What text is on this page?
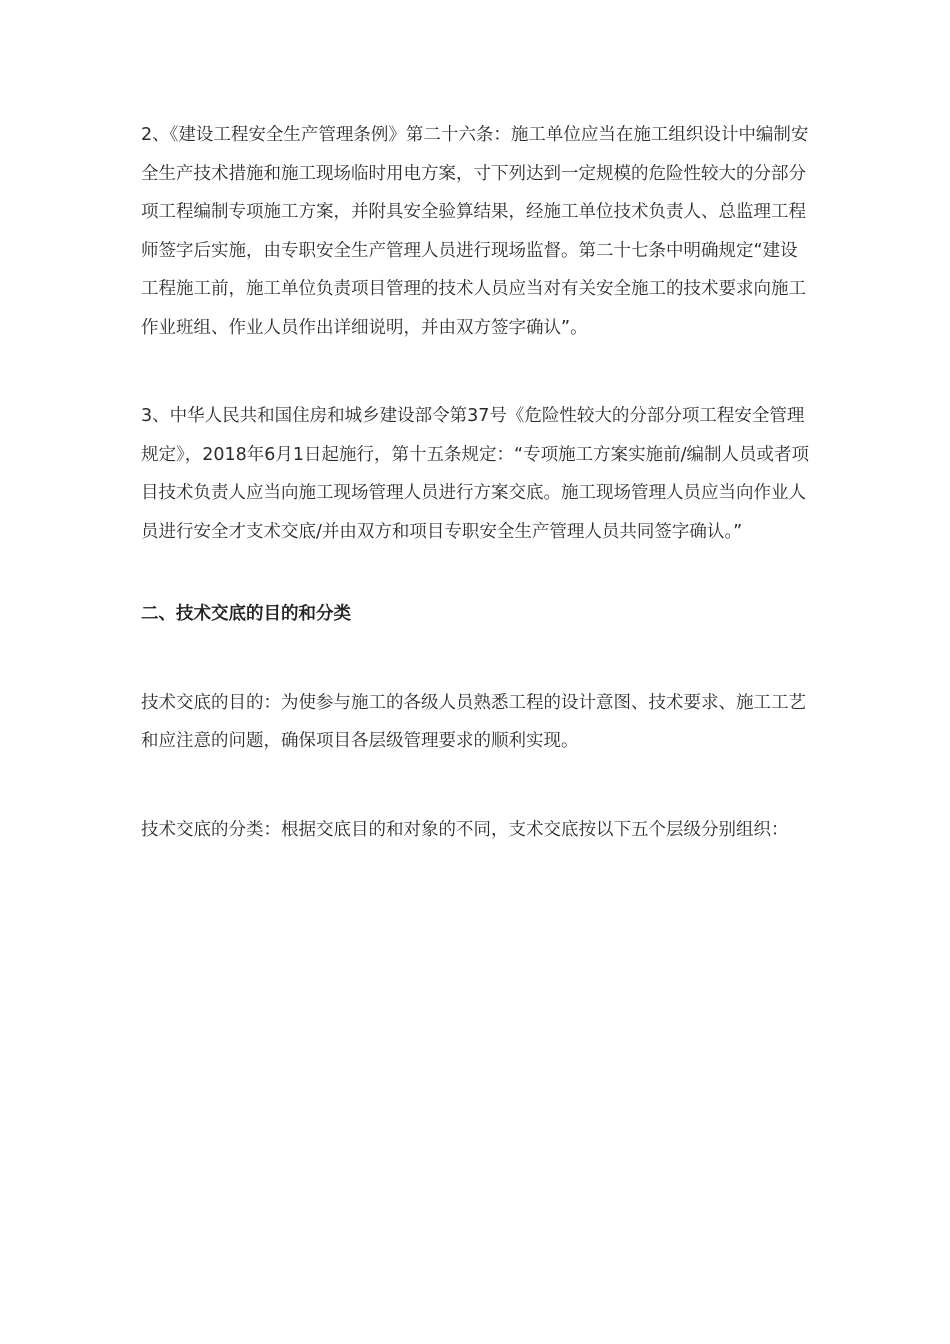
2、《建设工程安全生产管理条例》第二十六条：施工单位应当在施工组织设计中编制安全生产技术措施和施工现场临时用电方案，寸下列达到一定规模的危险性较大的分部分项工程编制专项施工方案，并附具安全验算结果，经施工单位技术负责人、总监理工程师签字后实施，由专职安全生产管理人员进行现场监督。第二十七条中明确规定“建设工程施工前，施工单位负责项目管理的技术人员应当对有关安全施工的技术要求向施工作业班组、作业人员作出详细说明，并由双方签字确认”。

3、中华人民共和国住房和城乡建设部令第37号《危险性较大的分部分项工程安全管理规定》，2018年6月1日起施行，第十五条规定：“专项施工方案实施前/编制人员或者项目技术负责人应当向施工现场管理人员进行方案交底。施工现场管理人员应当向作业人员进行安全才支术交底/并由双方和项目专职安全生产管理人员共同签字确认。”

二、技术交底的目的和分类

技术交底的目的：为使参与施工的各级人员熟悉工程的设计意图、技术要求、施工工艺和应注意的问题，确保项目各层级管理要求的顺利实现。

技术交底的分类：根据交底目的和对象的不同，支术交底按以下五个层级分别组织：
